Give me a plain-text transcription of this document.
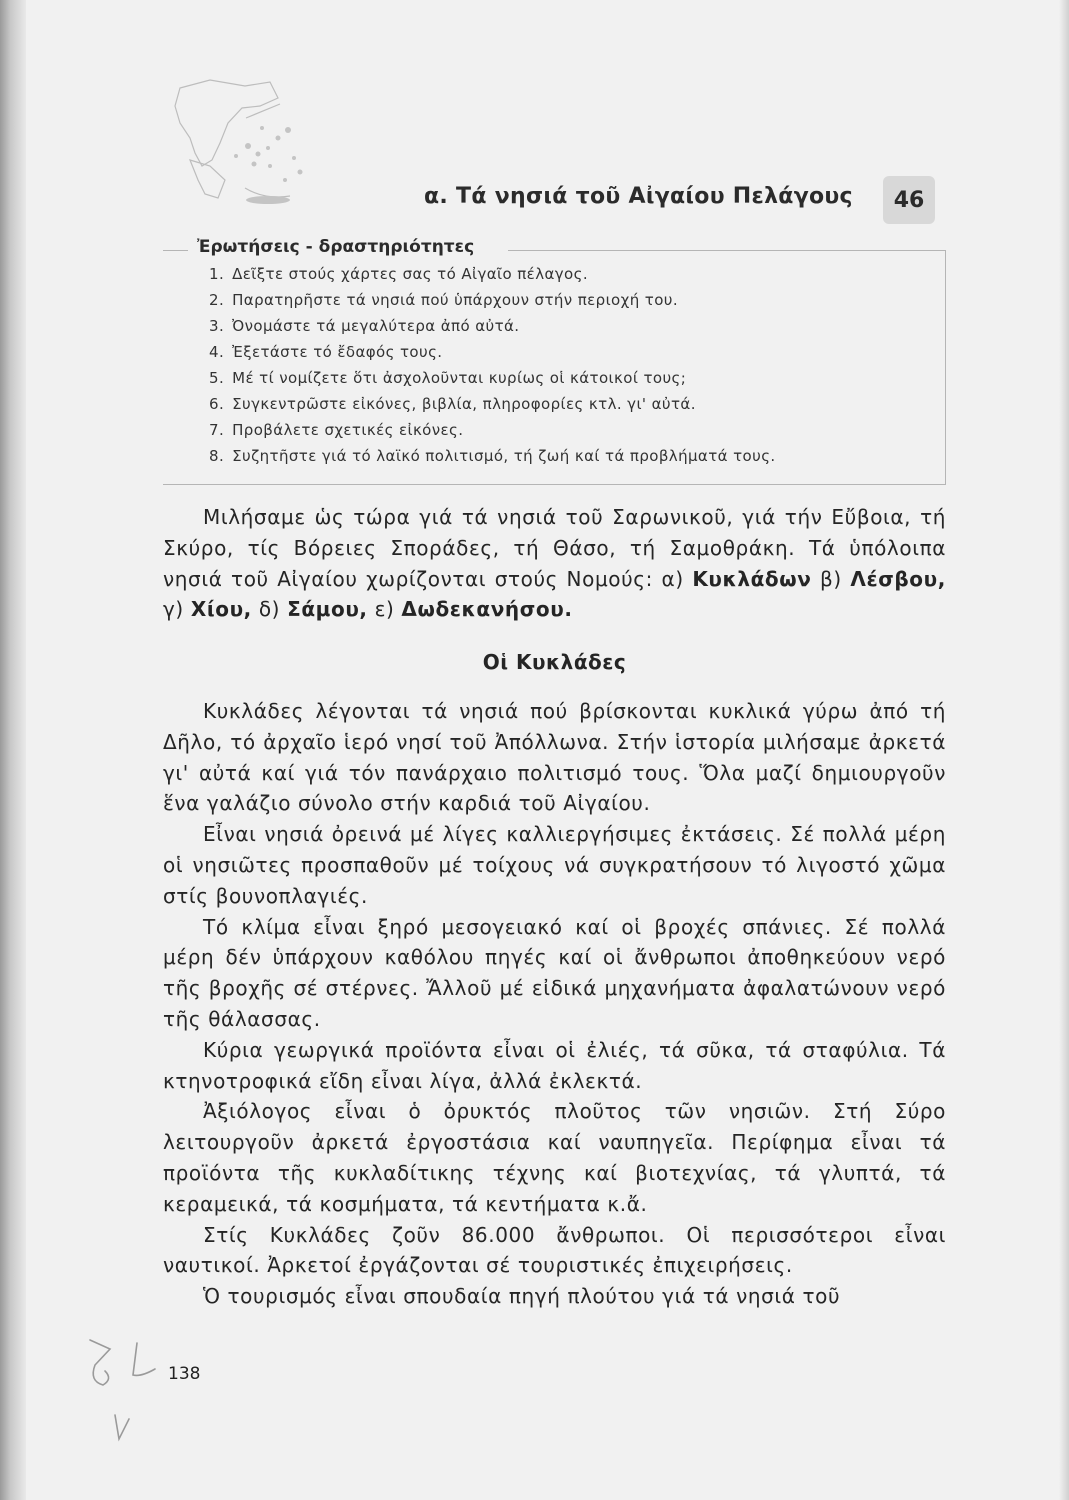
α. Τά νησιά τοῦ Αἰγαίου Πελάγους	46
Ἐρωτήσεις - δραστηριότητες
1. Δεῖξτε στούς χάρτες σας τό Αἰγαῖο πέλαγος.
2. Παρατηρῆστε τά νησιά πού ὑπάρχουν στήν περιοχή του.
3. Ὀνομάστε τά μεγαλύτερα ἀπό αὐτά.
4. Ἐξετάστε τό ἔδαφός τους.
5. Μέ τί νομίζετε ὅτι ἀσχολοῦνται κυρίως οἱ κάτοικοί τους;
6. Συγκεντρῶστε εἰκόνες, βιβλία, πληροφορίες κτλ. γι' αὐτά.
7. Προβάλετε σχετικές εἰκόνες.
8. Συζητῆστε γιά τό λαϊκό πολιτισμό, τή ζωή καί τά προβλήματά τους.

Μιλήσαμε ὡς τώρα γιά τά νησιά τοῦ Σαρωνικοῦ, γιά τήν Εὔβοια, τή Σκύρο, τίς Βόρειες Σποράδες, τή Θάσο, τή Σαμοθράκη. Τά ὑπόλοιπα νησιά τοῦ Αἰγαίου χωρίζονται στούς Νομούς: α) Κυκλάδων β) Λέσβου, γ) Χίου, δ) Σάμου, ε) Δωδεκανήσου.

Οἱ Κυκλάδες

Κυκλάδες λέγονται τά νησιά πού βρίσκονται κυκλικά γύρω ἀπό τή Δῆλο, τό ἀρχαῖο ἱερό νησί τοῦ Ἀπόλλωνα. Στήν ἱστορία μιλήσαμε ἀρκετά γι' αὐτά καί γιά τόν πανάρχαιο πολιτισμό τους. Ὅλα μαζί δημιουργοῦν ἕνα γαλάζιο σύνολο στήν καρδιά τοῦ Αἰγαίου.

Εἶναι νησιά ὀρεινά μέ λίγες καλλιεργήσιμες ἐκτάσεις. Σέ πολλά μέρη οἱ νησιῶτες προσπαθοῦν μέ τοίχους νά συγκρατήσουν τό λιγοστό χῶμα στίς βουνοπλαγιές.

Τό κλίμα εἶναι ξηρό μεσογειακό καί οἱ βροχές σπάνιες. Σέ πολλά μέρη δέν ὑπάρχουν καθόλου πηγές καί οἱ ἄνθρωποι ἀποθηκεύουν νερό τῆς βροχῆς σέ στέρνες. Ἄλλοῦ μέ εἰδικά μηχανήματα ἀφαλατώνουν νερό τῆς θάλασσας.

Κύρια γεωργικά προϊόντα εἶναι οἱ ἐλιές, τά σῦκα, τά σταφύλια. Τά κτηνοτροφικά εἴδη εἶναι λίγα, ἀλλά ἐκλεκτά.

Ἀξιόλογος εἶναι ὁ ὀρυκτός πλοῦτος τῶν νησιῶν. Στή Σύρο λειτουργοῦν ἀρκετά ἐργοστάσια καί ναυπηγεῖα. Περίφημα εἶναι τά προϊόντα τῆς κυκλαδίτικης τέχνης καί βιοτεχνίας, τά γλυπτά, τά κεραμεικά, τά κοσμήματα, τά κεντήματα κ.ἄ.

Στίς Κυκλάδες ζοῦν 86.000 ἄνθρωποι. Οἱ περισσότεροι εἶναι ναυτικοί. Ἀρκετοί ἐργάζονται σέ τουριστικές ἐπιχειρήσεις.

Ὁ τουρισμός εἶναι σπουδαία πηγή πλούτου γιά τά νησιά τοῦ

138
